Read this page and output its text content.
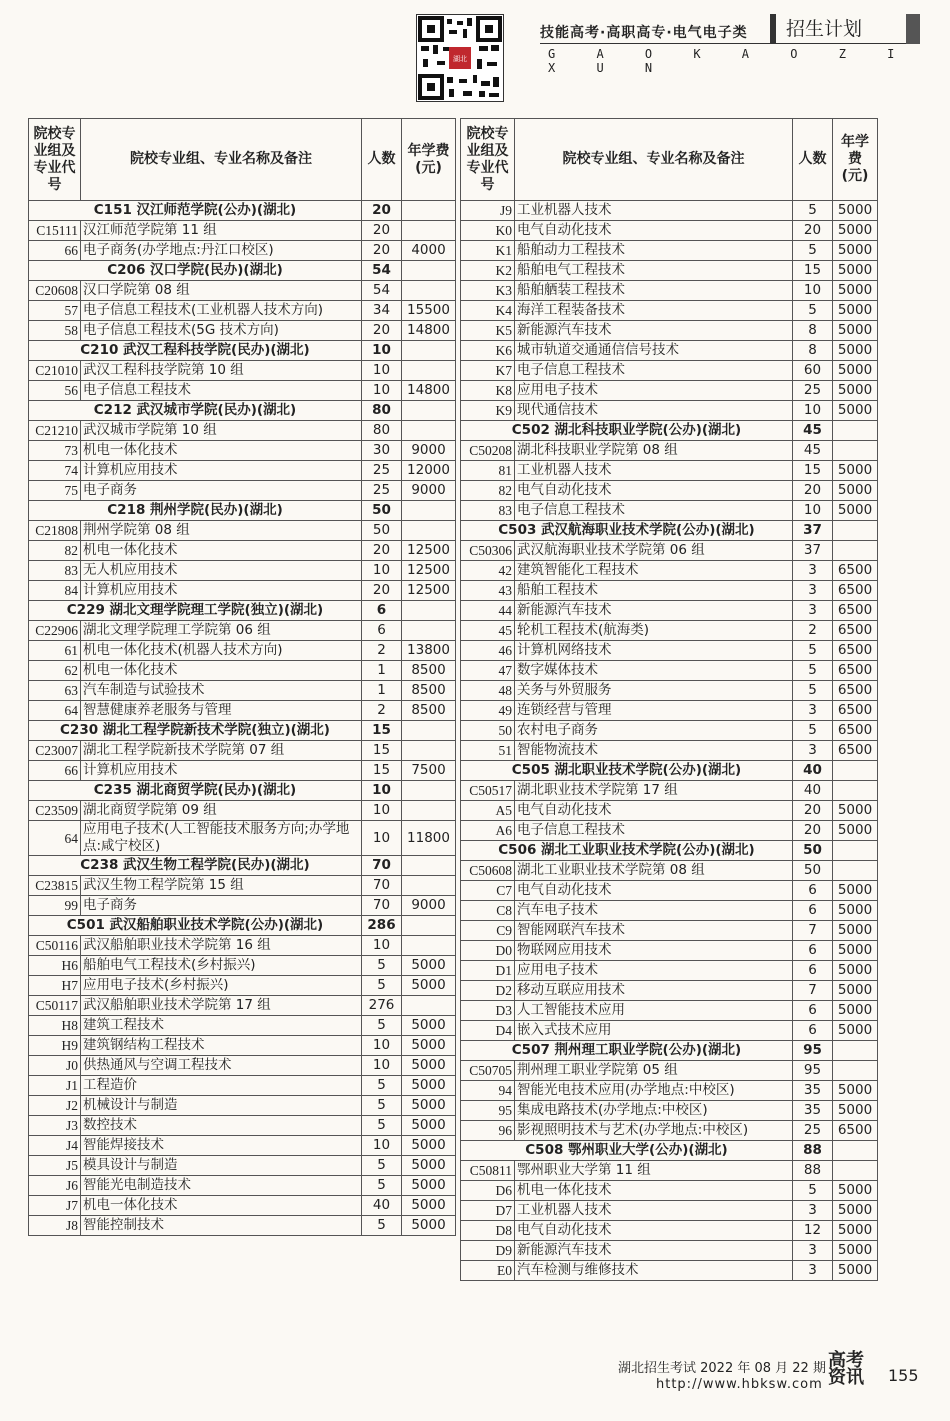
湖北
技能高考·高职高专·电气电子类
G A O K A O Z I X U N
招生计划
院校专业组及专业代号	院校专业组、专业名称及备注	人数	年学费(元)
C151 汉江师范学院(公办)(湖北)		20	
C15111	汉江师范学院第 11 组	20	
66	电子商务(办学地点:丹江口校区)	20	4000
C206 汉口学院(民办)(湖北)		54	
C20608	汉口学院第 08 组	54	
57	电子信息工程技术(工业机器人技术方向)	34	15500
58	电子信息工程技术(5G 技术方向)	20	14800
C210 武汉工程科技学院(民办)(湖北)		10	
C21010	武汉工程科技学院第 10 组	10	
56	电子信息工程技术	10	14800
C212 武汉城市学院(民办)(湖北)		80	
C21210	武汉城市学院第 10 组	80	
73	机电一体化技术	30	9000
74	计算机应用技术	25	12000
75	电子商务	25	9000
C218 荆州学院(民办)(湖北)		50	
C21808	荆州学院第 08 组	50	
82	机电一体化技术	20	12500
83	无人机应用技术	10	12500
84	计算机应用技术	20	12500
C229 湖北文理学院理工学院(独立)(湖北)		6	
C22906	湖北文理学院理工学院第 06 组	6	
61	机电一体化技术(机器人技术方向)	2	13800
62	机电一体化技术	1	8500
63	汽车制造与试验技术	1	8500
64	智慧健康养老服务与管理	2	8500
C230 湖北工程学院新技术学院(独立)(湖北)		15	
C23007	湖北工程学院新技术学院第 07 组	15	
66	计算机应用技术	15	7500
C235 湖北商贸学院(民办)(湖北)		10	
C23509	湖北商贸学院第 09 组	10	
64	应用电子技术(人工智能技术服务方向;办学地点:咸宁校区)	10	11800
C238 武汉生物工程学院(民办)(湖北)		70	
C23815	武汉生物工程学院第 15 组	70	
99	电子商务	70	9000
C501 武汉船舶职业技术学院(公办)(湖北)		286	
C50116	武汉船舶职业技术学院第 16 组	10	
H6	船舶电气工程技术(乡村振兴)	5	5000
H7	应用电子技术(乡村振兴)	5	5000
C50117	武汉船舶职业技术学院第 17 组	276	
H8	建筑工程技术	5	5000
H9	建筑钢结构工程技术	10	5000
J0	供热通风与空调工程技术	10	5000
J1	工程造价	5	5000
J2	机械设计与制造	5	5000
J3	数控技术	5	5000
J4	智能焊接技术	10	5000
J5	模具设计与制造	5	5000
J6	智能光电制造技术	5	5000
J7	机电一体化技术	40	5000
J8	智能控制技术	5	5000
院校专业组及专业代号	院校专业组、专业名称及备注	人数	年学费(元)
J9	工业机器人技术	5	5000
K0	电气自动化技术	20	5000
K1	船舶动力工程技术	5	5000
K2	船舶电气工程技术	15	5000
K3	船舶舾装工程技术	10	5000
K4	海洋工程装备技术	5	5000
K5	新能源汽车技术	8	5000
K6	城市轨道交通通信信号技术	8	5000
K7	电子信息工程技术	60	5000
K8	应用电子技术	25	5000
K9	现代通信技术	10	5000
C502 湖北科技职业学院(公办)(湖北)		45	
C50208	湖北科技职业学院第 08 组	45	
81	工业机器人技术	15	5000
82	电气自动化技术	20	5000
83	电子信息工程技术	10	5000
C503 武汉航海职业技术学院(公办)(湖北)		37	
C50306	武汉航海职业技术学院第 06 组	37	
42	建筑智能化工程技术	3	6500
43	船舶工程技术	3	6500
44	新能源汽车技术	3	6500
45	轮机工程技术(航海类)	2	6500
46	计算机网络技术	5	6500
47	数字媒体技术	5	6500
48	关务与外贸服务	5	6500
49	连锁经营与管理	3	6500
50	农村电子商务	5	6500
51	智能物流技术	3	6500
C505 湖北职业技术学院(公办)(湖北)		40	
C50517	湖北职业技术学院第 17 组	40	
A5	电气自动化技术	20	5000
A6	电子信息工程技术	20	5000
C506 湖北工业职业技术学院(公办)(湖北)		50	
C50608	湖北工业职业技术学院第 08 组	50	
C7	电气自动化技术	6	5000
C8	汽车电子技术	6	5000
C9	智能网联汽车技术	7	5000
D0	物联网应用技术	6	5000
D1	应用电子技术	6	5000
D2	移动互联应用技术	7	5000
D3	人工智能技术应用	6	5000
D4	嵌入式技术应用	6	5000
C507 荆州理工职业学院(公办)(湖北)		95	
C50705	荆州理工职业学院第 05 组	95	
94	智能光电技术应用(办学地点:中校区)	35	5000
95	集成电路技术(办学地点:中校区)	35	5000
96	影视照明技术与艺术(办学地点:中校区)	25	6500
C508 鄂州职业大学(公办)(湖北)		88	
C50811	鄂州职业大学第 11 组	88	
D6	机电一体化技术	5	5000
D7	工业机器人技术	3	5000
D8	电气自动化技术	12	5000
D9	新能源汽车技术	3	5000
E0	汽车检测与维修技术	3	5000
湖北招生考试 2022 年 08 月 22 期
http://www.hbksw.com
高考资讯 155
